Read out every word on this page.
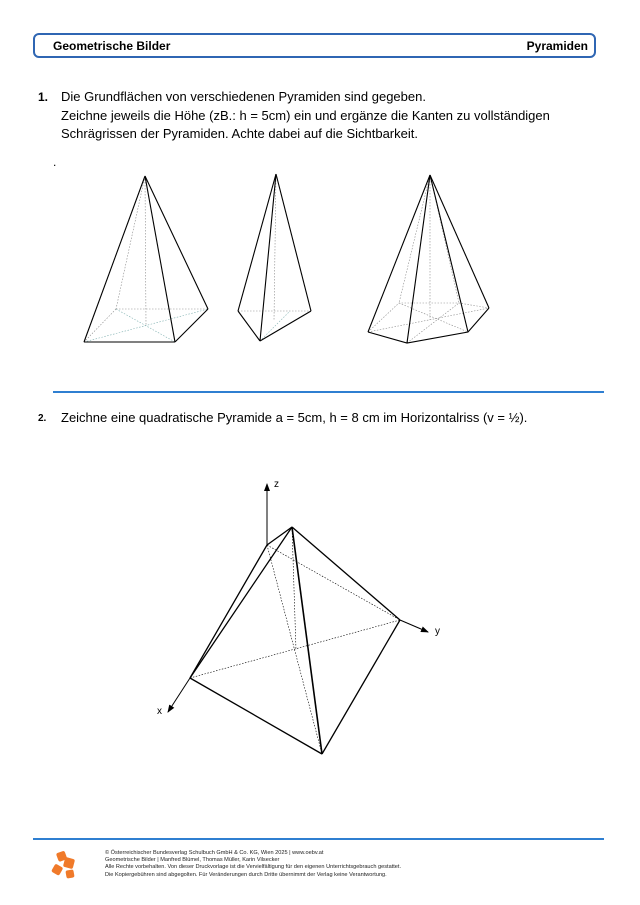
Geometrische Bilder	Pyramiden
1. Die Grundflächen von verschiedenen Pyramiden sind gegeben.
Zeichne jeweils die Höhe (zB.: h = 5cm) ein und ergänze die Kanten zu vollständigen
Schrägrissen der Pyramiden. Achte dabei auf die Sichtbarkeit.
.
2. Zeichne eine quadratische Pyramide a = 5cm, h = 8 cm im Horizontalriss (v = ½).
z
y
x
© Österreichischer Bundesverlag Schulbuch GmbH & Co. KG, Wien 2025 | www.oebv.at
Geometrische Bilder | Manfred Blümel, Thomas Müller, Karin Vilsecker
Alle Rechte vorbehalten. Von dieser Druckvorlage ist die Vervielfältigung für den eigenen Unterrichtsgebrauch gestattet.
Die Kopiergebühren sind abgegolten. Für Veränderungen durch Dritte übernimmt der Verlag keine Verantwortung.
